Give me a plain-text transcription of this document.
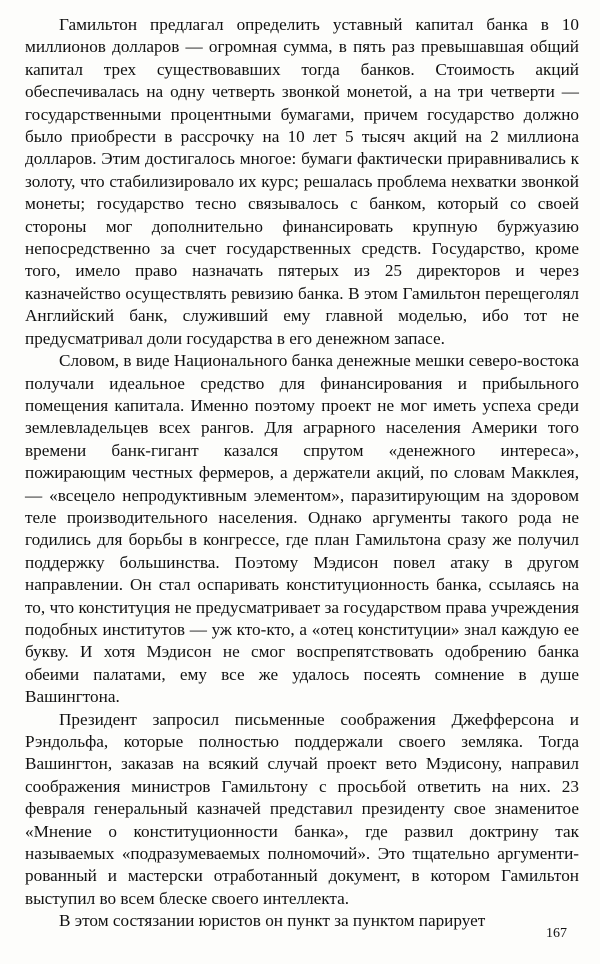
Гамильтон предлагал определить уставный капитал банка в 10 миллионов долларов — огромная сумма, в пять раз превышавшая общий капитал трех существовавших тогда банков. Стоимость акций обеспечивалась на одну четверть звонкой монетой, а на три четверти — государственными процентными бумагами, причем государство должно было приобрести в рассрочку на 10 лет 5 тысяч акций на 2 миллиона долларов. Этим достигалось многое: бумаги фактически приравнивались к золоту, что стабилизировало их курс; решалась проблема нехватки звонкой монеты; государство тесно связывалось с банком, который со своей стороны мог дополнительно финансировать крупную буржуазию непосредственно за счет государственных средств. Государство, кроме того, имело право назначать пятерых из 25 директоров и через казначейство осуществлять ревизию банка. В этом Гамильтон перещеголял Английский банк, служивший ему главной моделью, ибо тот не предусматривал доли государства в его денежном запасе.

Словом, в виде Национального банка денежные мешки северо-востока получали идеальное средство для финансирования и прибыльного помещения капитала. Именно поэтому проект не мог иметь успеха среди землевладельцев всех рангов. Для аграрного населения Америки того времени банк-гигант казался спрутом «денежного интереса», пожирающим честных фермеров, а держатели акций, по словам Макклея, — «всецело непродуктивным элементом», паразитирующим на здоровом теле производительного населения. Однако аргументы такого рода не годились для борьбы в конгрессе, где план Гамильтона сразу же получил поддержку большинства. Поэтому Мэдисон повел атаку в другом направлении. Он стал оспаривать конституционность банка, ссылаясь на то, что конституция не предусматривает за государством права учреждения подобных институтов — уж кто-кто, а «отец конституции» знал каждую ее букву. И хотя Мэдисон не смог воспрепятствовать одобрению банка обеими палатами, ему все же удалось посеять сомнение в душе Вашингтона.

Президент запросил письменные соображения Джефферсона и Рэндольфа, которые полностью поддержали своего земляка. Тогда Вашингтон, заказав на всякий случай проект вето Мэдисону, направил соображения министров Гамильтону с просьбой ответить на них. 23 февраля генеральный казначей представил президенту свое знаменитое «Мнение о конституционности банка», где развил доктрину так называемых «подразумеваемых полномочий». Это тщательно аргументированный и мастерски отработанный документ, в котором Гамильтон выступил во всем блеске своего интеллекта.

В этом состязании юристов он пункт за пунктом парирует

167
